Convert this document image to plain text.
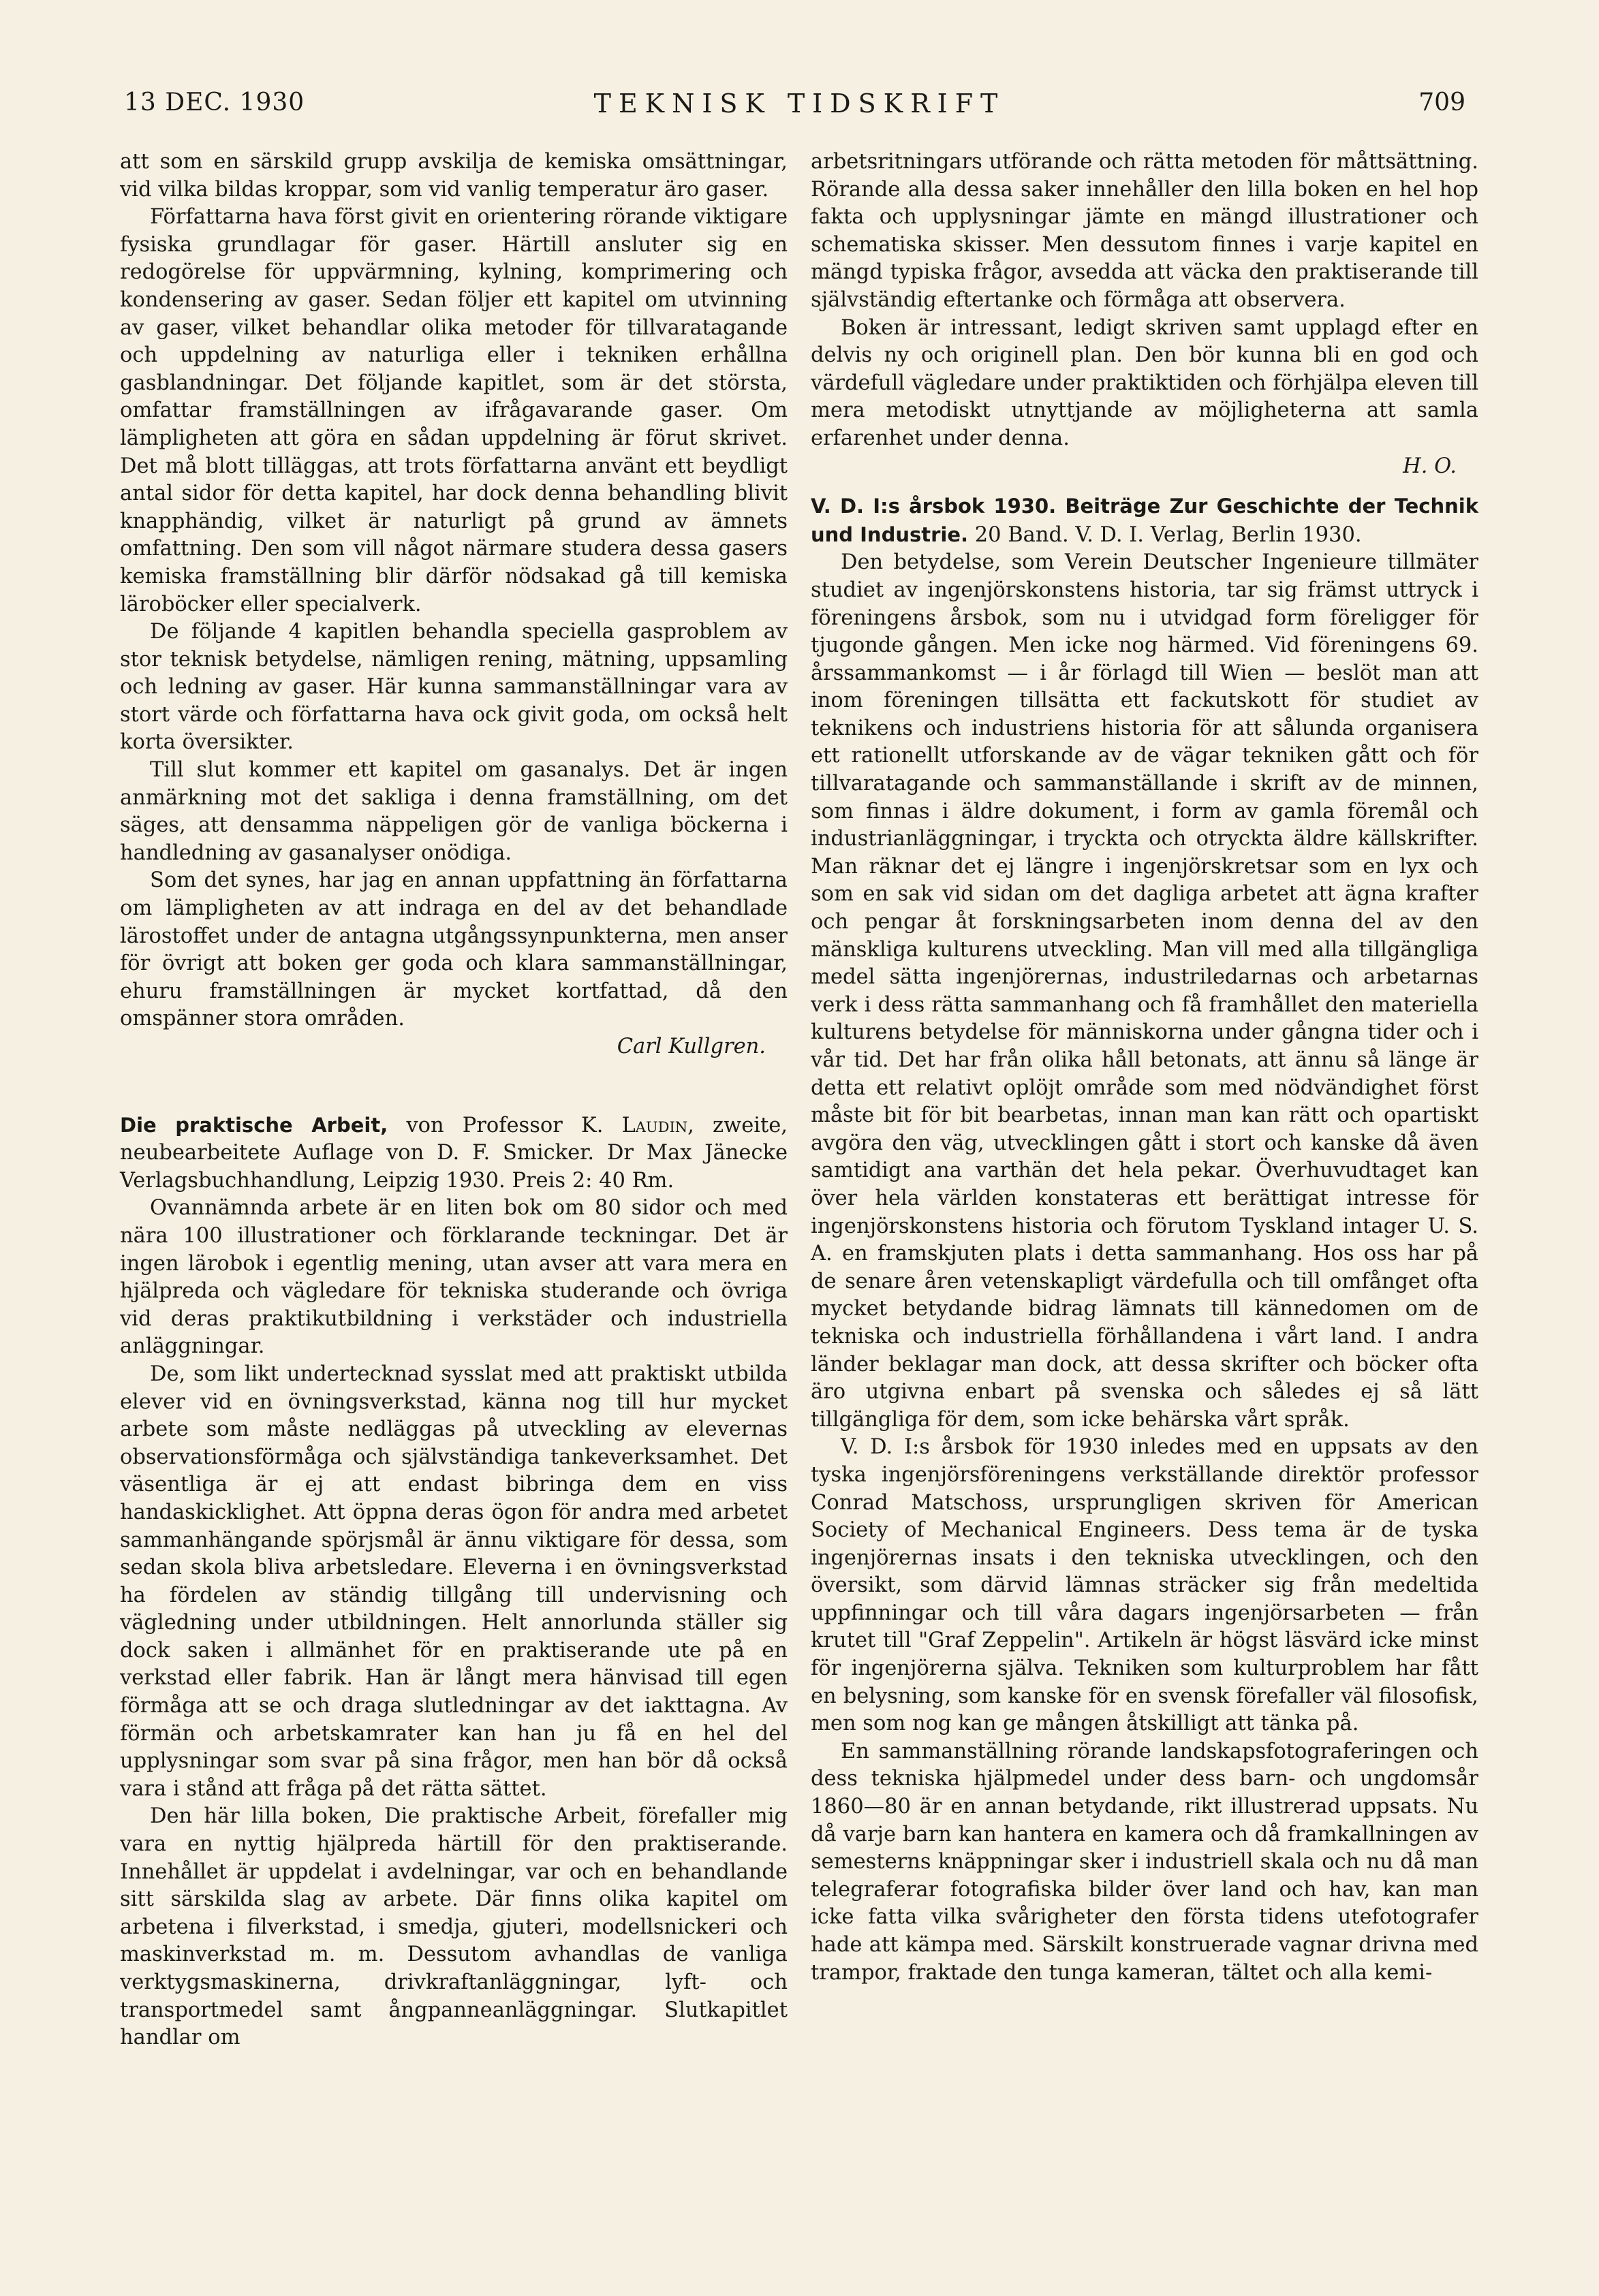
13 DEC. 1930	TEKNISK TIDSKRIFT	709

att som en särskild grupp avskilja de kemiska omsättningar, vid vilka bildas kroppar, som vid vanlig temperatur äro gaser.

Författarna hava först givit en orientering rörande viktigare fysiska grundlagar för gaser. Härtill ansluter sig en redogörelse för uppvärmning, kylning, komprimering och kondensering av gaser. Sedan följer ett kapitel om utvinning av gaser, vilket behandlar olika metoder för tillvaratagande och uppdelning av naturliga eller i tekniken erhållna gasblandningar. Det följande kapitlet, som är det största, omfattar framställningen av ifrågavarande gaser. Om lämpligheten att göra en sådan uppdelning är förut skrivet. Det må blott tilläggas, att trots författarna använt ett beydligt antal sidor för detta kapitel, har dock denna behandling blivit knapphändig, vilket är naturligt på grund av ämnets omfattning. Den som vill något närmare studera dessa gasers kemiska framställning blir därför nödsakad gå till kemiska läroböcker eller specialverk.

De följande 4 kapitlen behandla speciella gasproblem av stor teknisk betydelse, nämligen rening, mätning, uppsamling och ledning av gaser. Här kunna sammanställningar vara av stort värde och författarna hava ock givit goda, om också helt korta översikter.

Till slut kommer ett kapitel om gasanalys. Det är ingen anmärkning mot det sakliga i denna framställning, om det säges, att densamma näppeligen gör de vanliga böckerna i handledning av gasanalyser onödiga.

Som det synes, har jag en annan uppfattning än författarna om lämpligheten av att indraga en del av det behandlade lärostoffet under de antagna utgångssynpunkterna, men anser för övrigt att boken ger goda och klara sammanställningar, ehuru framställningen är mycket kortfattad, då den omspänner stora områden.

Carl Kullgren.

Die praktische Arbeit, von Professor K. Laudin, zweite, neubearbeitete Auflage von D. F. Smicker. Dr Max Jänecke Verlagsbuchhandlung, Leipzig 1930. Preis 2: 40 Rm.

Ovannämnda arbete är en liten bok om 80 sidor och med nära 100 illustrationer och förklarande teckningar. Det är ingen lärobok i egentlig mening, utan avser att vara mera en hjälpreda och vägledare för tekniska studerande och övriga vid deras praktikutbildning i verkstäder och industriella anläggningar.

De, som likt undertecknad sysslat med att praktiskt utbilda elever vid en övningsverkstad, känna nog till hur mycket arbete som måste nedläggas på utveckling av elevernas observationsförmåga och självständiga tankeverksamhet. Det väsentliga är ej att endast bibringa dem en viss handaskicklighet. Att öppna deras ögon för andra med arbetet sammanhängande spörjsmål är ännu viktigare för dessa, som sedan skola bliva arbetsledare. Eleverna i en övningsverkstad ha fördelen av ständig tillgång till undervisning och vägledning under utbildningen. Helt annorlunda ställer sig dock saken i allmänhet för en praktiserande ute på en verkstad eller fabrik. Han är långt mera hänvisad till egen förmåga att se och draga slutledningar av det iakttagna. Av förmän och arbetskamrater kan han ju få en hel del upplysningar som svar på sina frågor, men han bör då också vara i stånd att fråga på det rätta sättet.

Den här lilla boken, Die praktische Arbeit, förefaller mig vara en nyttig hjälpreda härtill för den praktiserande. Innehållet är uppdelat i avdelningar, var och en behandlande sitt särskilda slag av arbete. Där finns olika kapitel om arbetena i filverkstad, i smedja, gjuteri, modellsnickeri och maskinverkstad m. m. Dessutom avhandlas de vanliga verktygsmaskinerna, drivkraftanläggningar, lyft- och transportmedel samt ångpanneanläggningar. Slutkapitlet handlar om

arbetsritningars utförande och rätta metoden för måttsättning. Rörande alla dessa saker innehåller den lilla boken en hel hop fakta och upplysningar jämte en mängd illustrationer och schematiska skisser. Men dessutom finnes i varje kapitel en mängd typiska frågor, avsedda att väcka den praktiserande till självständig eftertanke och förmåga att observera.

Boken är intressant, ledigt skriven samt upplagd efter en delvis ny och originell plan. Den bör kunna bli en god och värdefull vägledare under praktiktiden och förhjälpa eleven till mera metodiskt utnyttjande av möjligheterna att samla erfarenhet under denna.

H. O.

V. D. I:s årsbok 1930. Beiträge Zur Geschichte der Technik und Industrie. 20 Band. V. D. I. Verlag, Berlin 1930.

Den betydelse, som Verein Deutscher Ingenieure tillmäter studiet av ingenjörskonstens historia, tar sig främst uttryck i föreningens årsbok, som nu i utvidgad form föreligger för tjugonde gången. Men icke nog härmed. Vid föreningens 69. årssammankomst — i år förlagd till Wien — beslöt man att inom föreningen tillsätta ett fackutskott för studiet av teknikens och industriens historia för att sålunda organisera ett rationellt utforskande av de vägar tekniken gått och för tillvaratagande och sammanställande i skrift av de minnen, som finnas i äldre dokument, i form av gamla föremål och industrianläggningar, i tryckta och otryckta äldre källskrifter. Man räknar det ej längre i ingenjörskretsar som en lyx och som en sak vid sidan om det dagliga arbetet att ägna krafter och pengar åt forskningsarbeten inom denna del av den mänskliga kulturens utveckling. Man vill med alla tillgängliga medel sätta ingenjörernas, industriledarnas och arbetarnas verk i dess rätta sammanhang och få framhållet den materiella kulturens betydelse för människorna under gångna tider och i vår tid. Det har från olika håll betonats, att ännu så länge är detta ett relativt oplöjt område som med nödvändighet först måste bit för bit bearbetas, innan man kan rätt och opartiskt avgöra den väg, utvecklingen gått i stort och kanske då även samtidigt ana varthän det hela pekar. Överhuvudtaget kan över hela världen konstateras ett berättigat intresse för ingenjörskonstens historia och förutom Tyskland intager U. S. A. en framskjuten plats i detta sammanhang. Hos oss har på de senare åren vetenskapligt värdefulla och till omfånget ofta mycket betydande bidrag lämnats till kännedomen om de tekniska och industriella förhållandena i vårt land. I andra länder beklagar man dock, att dessa skrifter och böcker ofta äro utgivna enbart på svenska och således ej så lätt tillgängliga för dem, som icke behärska vårt språk.

V. D. I:s årsbok för 1930 inledes med en uppsats av den tyska ingenjörsföreningens verkställande direktör professor Conrad Matschoss, ursprungligen skriven för American Society of Mechanical Engineers. Dess tema är de tyska ingenjörernas insats i den tekniska utvecklingen, och den översikt, som därvid lämnas sträcker sig från medeltida uppfinningar och till våra dagars ingenjörsarbeten — från krutet till "Graf Zeppelin". Artikeln är högst läsvärd icke minst för ingenjörerna själva. Tekniken som kulturproblem har fått en belysning, som kanske för en svensk förefaller väl filosofisk, men som nog kan ge mången åtskilligt att tänka på.

En sammanställning rörande landskapsfotograferingen och dess tekniska hjälpmedel under dess barn- och ungdomsår 1860—80 är en annan betydande, rikt illustrerad uppsats. Nu då varje barn kan hantera en kamera och då framkallningen av semesterns knäppningar sker i industriell skala och nu då man telegraferar fotografiska bilder över land och hav, kan man icke fatta vilka svårigheter den första tidens utefotografer hade att kämpa med. Särskilt konstruerade vagnar drivna med trampor, fraktade den tunga kameran, tältet och alla kemi-
